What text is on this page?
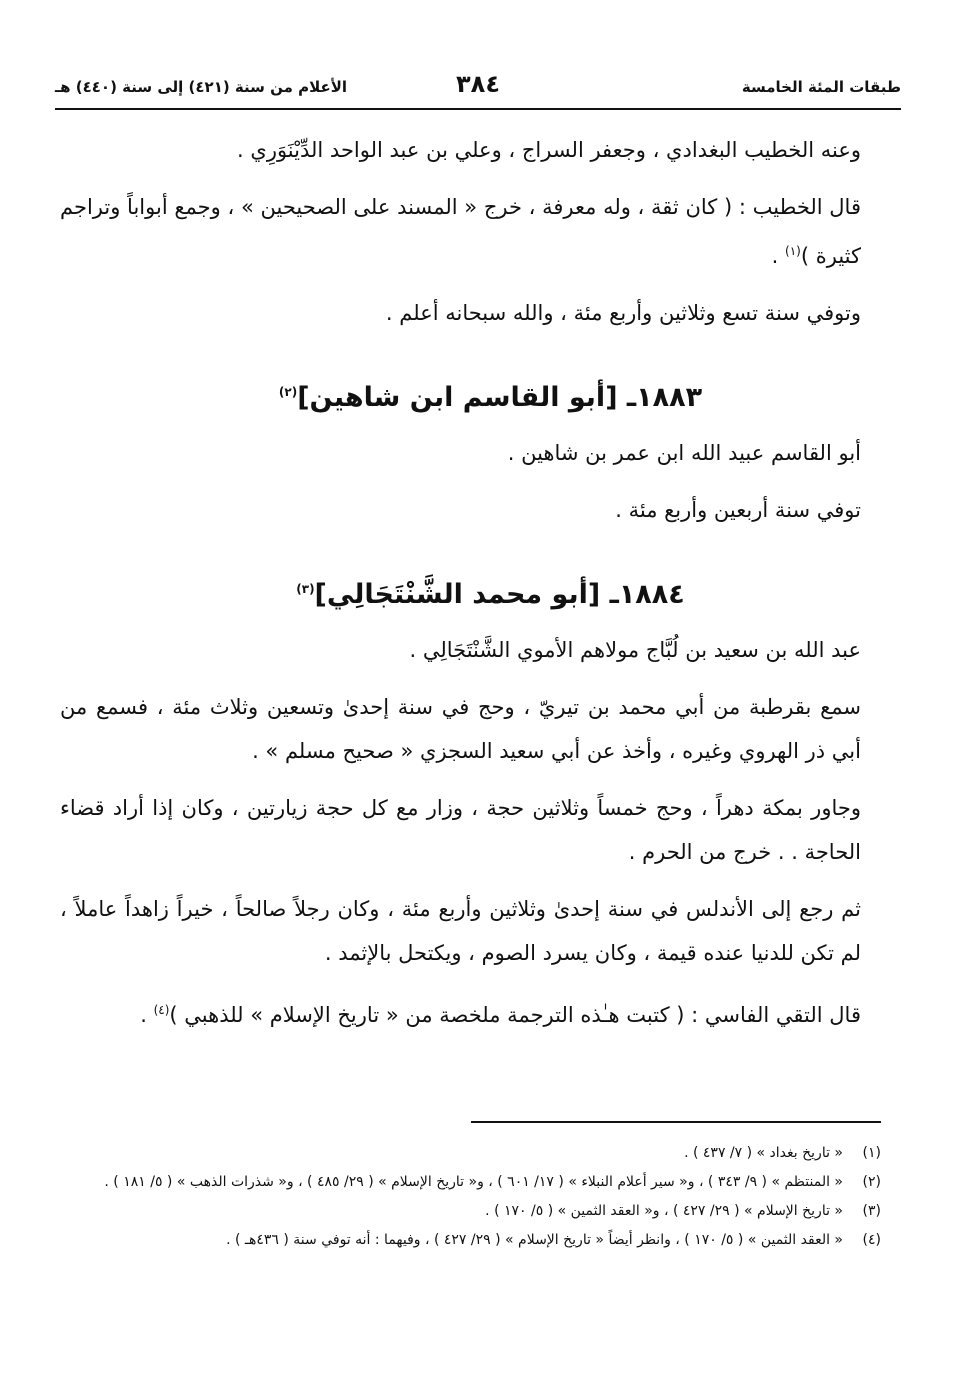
طبقات المئة الخامسة
٣٨٤
الأعلام من سنة (٤٢١) إلى سنة (٤٤٠) هـ

وعنه الخطيب البغدادي ، وجعفر السراج ، وعلي بن عبد الواحد الدِّيْنَوَرِي .

قال الخطيب : ( كان ثقة ، وله معرفة ، خرج « المسند على الصحيحين » ، وجمع أبواباً وتراجم كثيرة )$^{(١)}$ .

وتوفي سنة تسع وثلاثين وأربع مئة ، والله سبحانه أعلم .

١٨٨٣ـ [أبو القاسم ابن شاهين]$^{(٢)}$

أبو القاسم عبيد الله ابن عمر بن شاهين .

توفي سنة أربعين وأربع مئة .

١٨٨٤ـ [أبو محمد الشَّنْتَجَالِي]$^{(٣)}$

عبد الله بن سعيد بن لُبَّاج مولاهم الأموي الشَّنْتَجَالِي .

سمع بقرطبة من أبي محمد بن تيريّ ، وحج في سنة إحدىٰ وتسعين وثلاث مئة ، فسمع من أبي ذر الهروي وغيره ، وأخذ عن أبي سعيد السجزي « صحيح مسلم » .

وجاور بمكة دهراً ، وحج خمساً وثلاثين حجة ، وزار مع كل حجة زيارتين ، وكان إذا أراد قضاء الحاجة . . خرج من الحرم .

ثم رجع إلى الأندلس في سنة إحدىٰ وثلاثين وأربع مئة ، وكان رجلاً صالحاً ، خيراً زاهداً عاملاً ، لم تكن للدنيا عنده قيمة ، وكان يسرد الصوم ، ويكتحل بالإثمد .

قال التقي الفاسي : ( كتبت هـٰذه الترجمة ملخصة من « تاريخ الإسلام » للذهبي )$^{(٤)}$ .

(١)
« تاريخ بغداد » ( ٧/ ٤٣٧ ) .
(٢)
« المنتظم » ( ٩/ ٣٤٣ ) ، و« سير أعلام النبلاء » ( ١٧/ ٦٠١ ) ، و« تاريخ الإسلام » ( ٢٩/ ٤٨٥ ) ، و« شذرات الذهب » ( ٥/ ١٨١ ) .
(٣)
« تاريخ الإسلام » ( ٢٩/ ٤٢٧ ) ، و« العقد الثمين » ( ٥/ ١٧٠ ) .
(٤)
« العقد الثمين » ( ٥/ ١٧٠ ) ، وانظر أيضاً « تاريخ الإسلام » ( ٢٩/ ٤٢٧ ) ، وفيهما : أنه توفي سنة ( ٤٣٦هـ ) .
